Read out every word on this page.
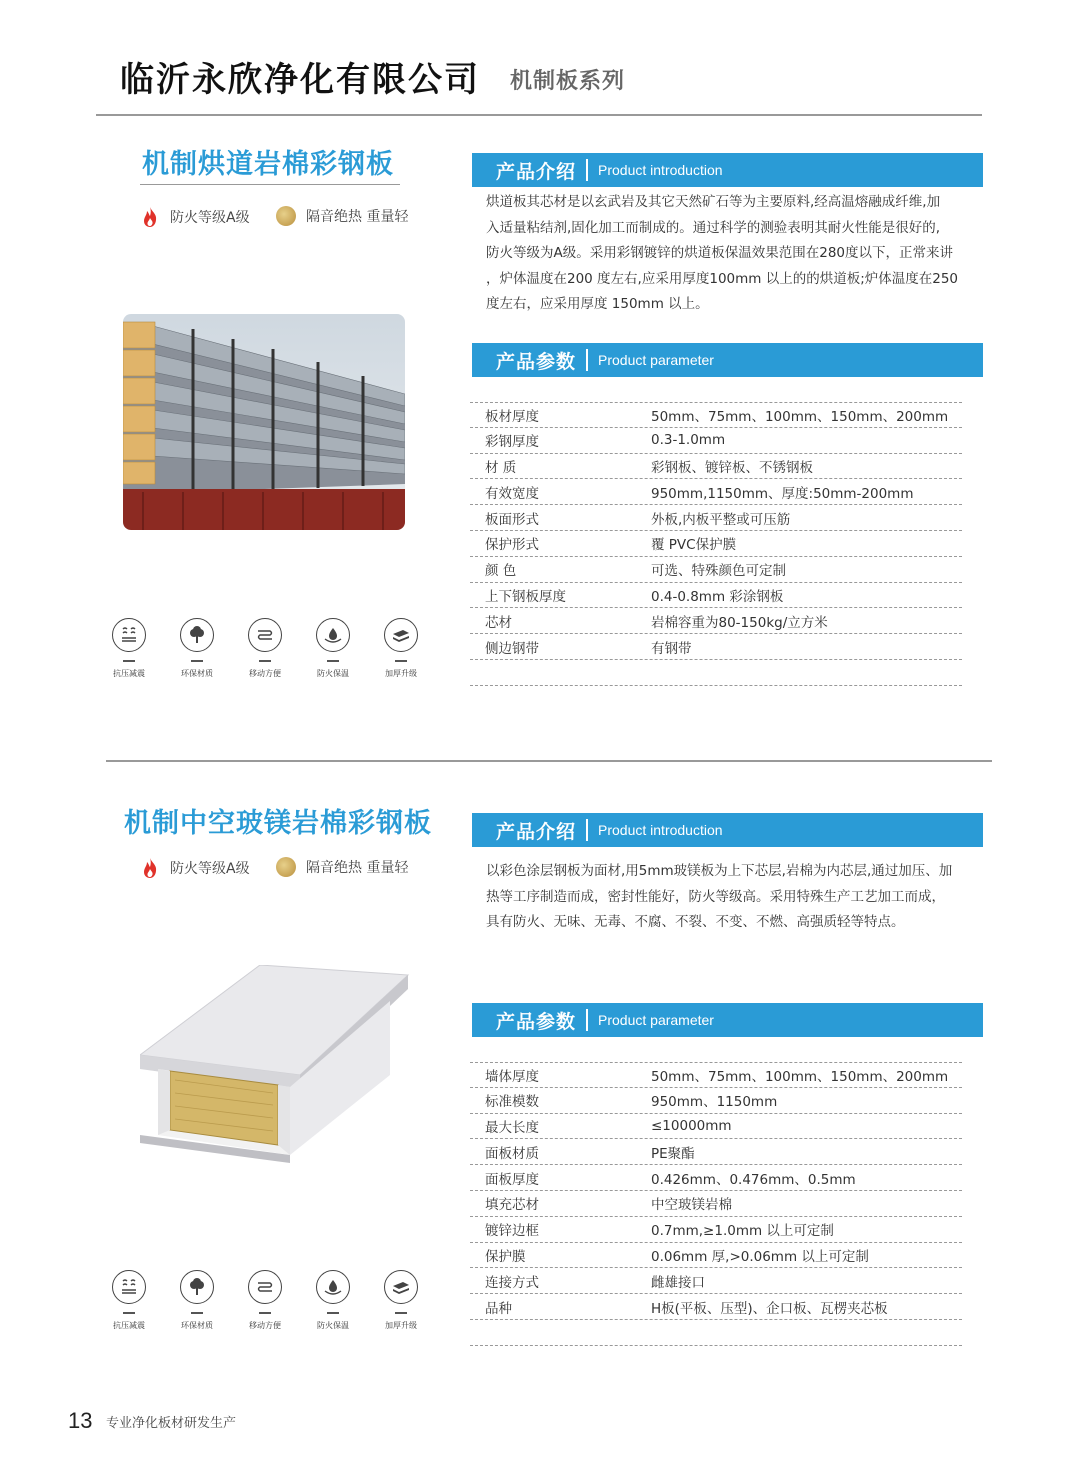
临沂永欣净化有限公司 机制板系列
机制烘道岩棉彩钢板
防火等级A级	隔音绝热 重量轻
抗压减震	环保材质	移动方便	防火保温	加厚升级
产品介绍 Product introduction
烘道板其芯材是以玄武岩及其它天然矿石等为主要原料,经高温熔融成纤维,加
入适量粘结剂,固化加工而制成的。通过科学的测验表明其耐火性能是很好的,
防火等级为A级。采用彩钢镀锌的烘道板保温效果范围在280度以下，正常来讲
，炉体温度在200 度左右,应采用厚度100mm 以上的的烘道板;炉体温度在250
度左右，应采用厚度 150mm 以上。
产品参数 Product parameter
板材厚度	50mm、75mm、100mm、150mm、200mm
彩钢厚度	0.3-1.0mm
材 质	彩钢板、镀锌板、不锈钢板
有效宽度	950mm,1150mm、厚度:50mm-200mm
板面形式	外板,内板平整或可压筋
保护形式	覆 PVC保护膜
颜 色	可选、特殊颜色可定制
上下钢板厚度	0.4-0.8mm 彩涂钢板
芯材	岩棉容重为80-150kg/立方米
侧边钢带	有钢带
机制中空玻镁岩棉彩钢板
防火等级A级	隔音绝热 重量轻
抗压减震	环保材质	移动方便	防火保温	加厚升级
产品介绍 Product introduction
以彩色涂层钢板为面材,用5mm玻镁板为上下芯层,岩棉为内芯层,通过加压、加
热等工序制造而成，密封性能好，防火等级高。采用特殊生产工艺加工而成，
具有防火、无味、无毒、不腐、不裂、不变、不燃、高强质轻等特点。
产品参数 Product parameter
墙体厚度	50mm、75mm、100mm、150mm、200mm
标准模数	950mm、1150mm
最大长度	≤10000mm
面板材质	PE聚酯
面板厚度	0.426mm、0.476mm、0.5mm
填充芯材	中空玻镁岩棉
镀锌边框	0.7mm,≥1.0mm 以上可定制
保护膜	0.06mm 厚,>0.06mm 以上可定制
连接方式	雌雄接口
品种	H板(平板、压型)、企口板、瓦楞夹芯板
13 专业净化板材研发生产
